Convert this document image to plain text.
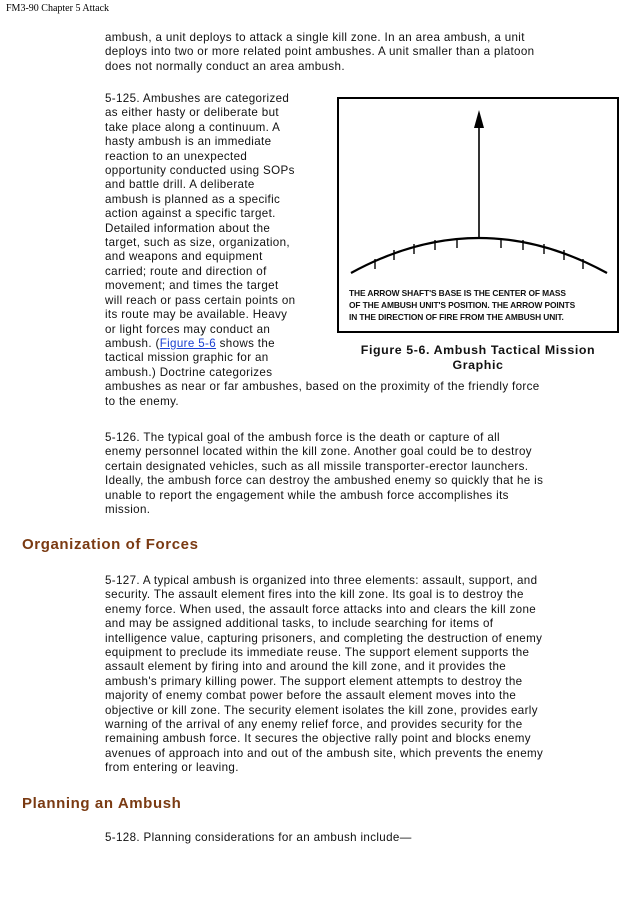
FM3-90 Chapter 5 Attack
ambush, a unit deploys to attack a single kill zone. In an area ambush, a unit
deploys into two or more related point ambushes. A unit smaller than a platoon
does not normally conduct an area ambush.
5-125. Ambushes are categorized
as either hasty or deliberate but
take place along a continuum. A
hasty ambush is an immediate
reaction to an unexpected
opportunity conducted using SOPs
and battle drill. A deliberate
ambush is planned as a specific
action against a specific target.
Detailed information about the
target, such as size, organization,
and weapons and equipment
carried; route and direction of
movement; and times the target
will reach or pass certain points on
its route may be available. Heavy
or light forces may conduct an
ambush. (Figure 5-6 shows the
tactical mission graphic for an
ambush.) Doctrine categorizes
ambushes as near or far ambushes, based on the proximity of the friendly force
to the enemy.
THE ARROW SHAFT'S BASE IS THE CENTER OF MASS
OF THE AMBUSH UNIT'S POSITION. THE ARROW POINTS
IN THE DIRECTION OF FIRE FROM THE AMBUSH UNIT.
Figure 5-6. Ambush Tactical Mission
Graphic
5-126. The typical goal of the ambush force is the death or capture of all
enemy personnel located within the kill zone. Another goal could be to destroy
certain designated vehicles, such as all missile transporter-erector launchers.
Ideally, the ambush force can destroy the ambushed enemy so quickly that he is
unable to report the engagement while the ambush force accomplishes its
mission.
Organization of Forces
5-127. A typical ambush is organized into three elements: assault, support, and
security. The assault element fires into the kill zone. Its goal is to destroy the
enemy force. When used, the assault force attacks into and clears the kill zone
and may be assigned additional tasks, to include searching for items of
intelligence value, capturing prisoners, and completing the destruction of enemy
equipment to preclude its immediate reuse. The support element supports the
assault element by firing into and around the kill zone, and it provides the
ambush's primary killing power. The support element attempts to destroy the
majority of enemy combat power before the assault element moves into the
objective or kill zone. The security element isolates the kill zone, provides early
warning of the arrival of any enemy relief force, and provides security for the
remaining ambush force. It secures the objective rally point and blocks enemy
avenues of approach into and out of the ambush site, which prevents the enemy
from entering or leaving.
Planning an Ambush
5-128. Planning considerations for an ambush include—
